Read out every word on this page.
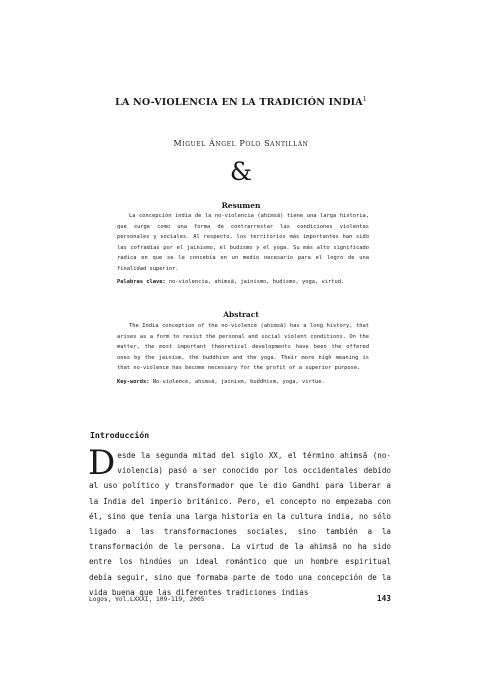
LA NO-VIOLENCIA EN LA TRADICIÓN INDIA$^1$
Miguel Ángel Polo Santillán
&
Resumen

La concepción india de la no-violencia (ahimsā) tiene una larga historia, que surge como una forma de contrarrestar las condiciones violentas personales y sociales. Al respecto, los territorios más importantes han sido las cofradías por el jainismo, el budismo y el yoga. Su más alto significado radica en que se le concebía en un medio necesario para el logro de una finalidad superior.

Palabras clave: no-violencia, ahimsā, jainismo, budismo, yoga, virtud.

Abstract

The India conception of the no-violence (ahimsā) has a long history, that arises as a form to resist the personal and social violent conditions. On the matter, the most important theoretical developments have been the offered ones by the jainism, the buddhism and the yoga. Their more high meaning is that no-violence has become necessary for the profit of a superior purpose.

Key-words: No-violence, ahimsā, jainism, buddhism, yoga, virtue.

Introducción

Desde la segunda mitad del siglo XX, el término ahimsā (no-violencia) pasó a ser conocido por los occidentales debido al uso político y transformador que le dio Gandhi para liberar a la India del imperio británico. Pero, el concepto no empezaba con él, sino que tenía una larga historia en la cultura india, no sólo ligado a las transformaciones sociales, sino también a la transformación de la persona. La virtud de la ahimsā no ha sido entre los hindúes un ideal romántico que un hombre espiritual debía seguir, sino que formaba parte de todo una concepción de la vida buena que las diferentes tradiciones indias

Logos, Vol.LXXXI, 109-119, 2005	143
